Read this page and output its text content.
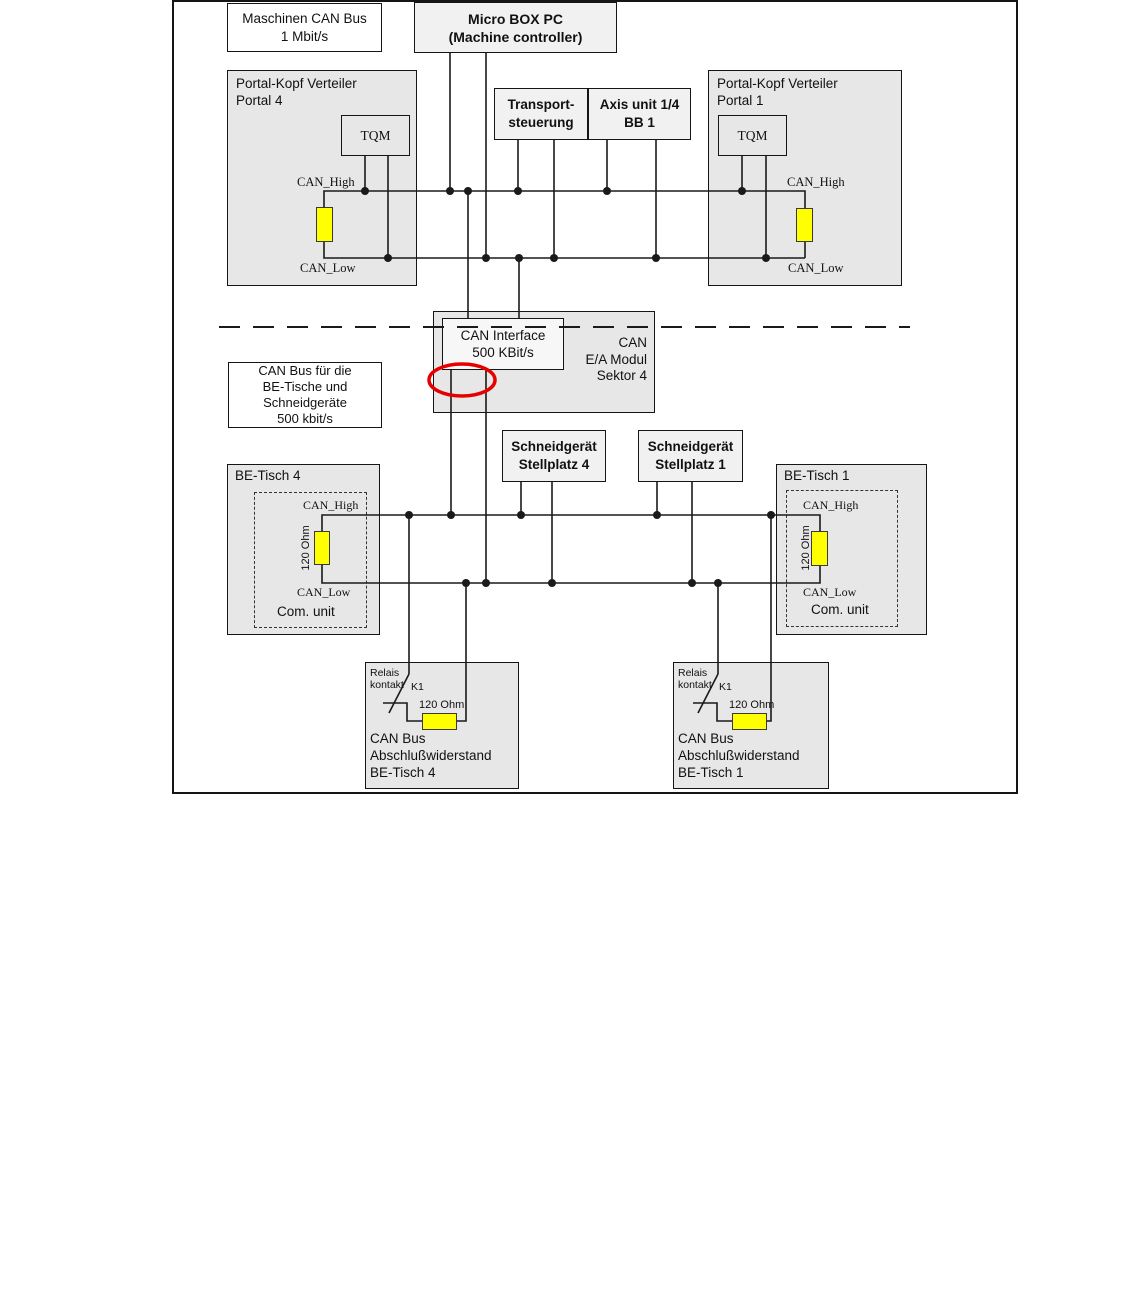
Maschinen CAN Bus
1 Mbit/s
Micro BOX PC
(Machine controller)
Portal-Kopf Verteiler
Portal 4
TQM
Portal-Kopf Verteiler
Portal 1
TQM
Transport-
steuerung
Axis unit 1/4
BB 1
CAN
E/A Modul
Sektor 4
CAN Interface
500 KBit/s
CAN Bus für die
BE-Tische und
Schneidgeräte
500 kbit/s
Schneidgerät
Stellplatz 4
Schneidgerät
Stellplatz 1
BE-Tisch 4	BE-Tisch 1
CAN_High
CAN_Low
CAN_High
CAN_Low
CAN_High
CAN_Low
Com. unit
120 Ohm
CAN_High
CAN_Low
Com. unit
120 Ohm
Relais
kontakt K1
120 Ohm
CAN Bus
Abschlußwiderstand
BE-Tisch 4
Relais
kontakt K1
120 Ohm
CAN Bus
Abschlußwiderstand
BE-Tisch 1
